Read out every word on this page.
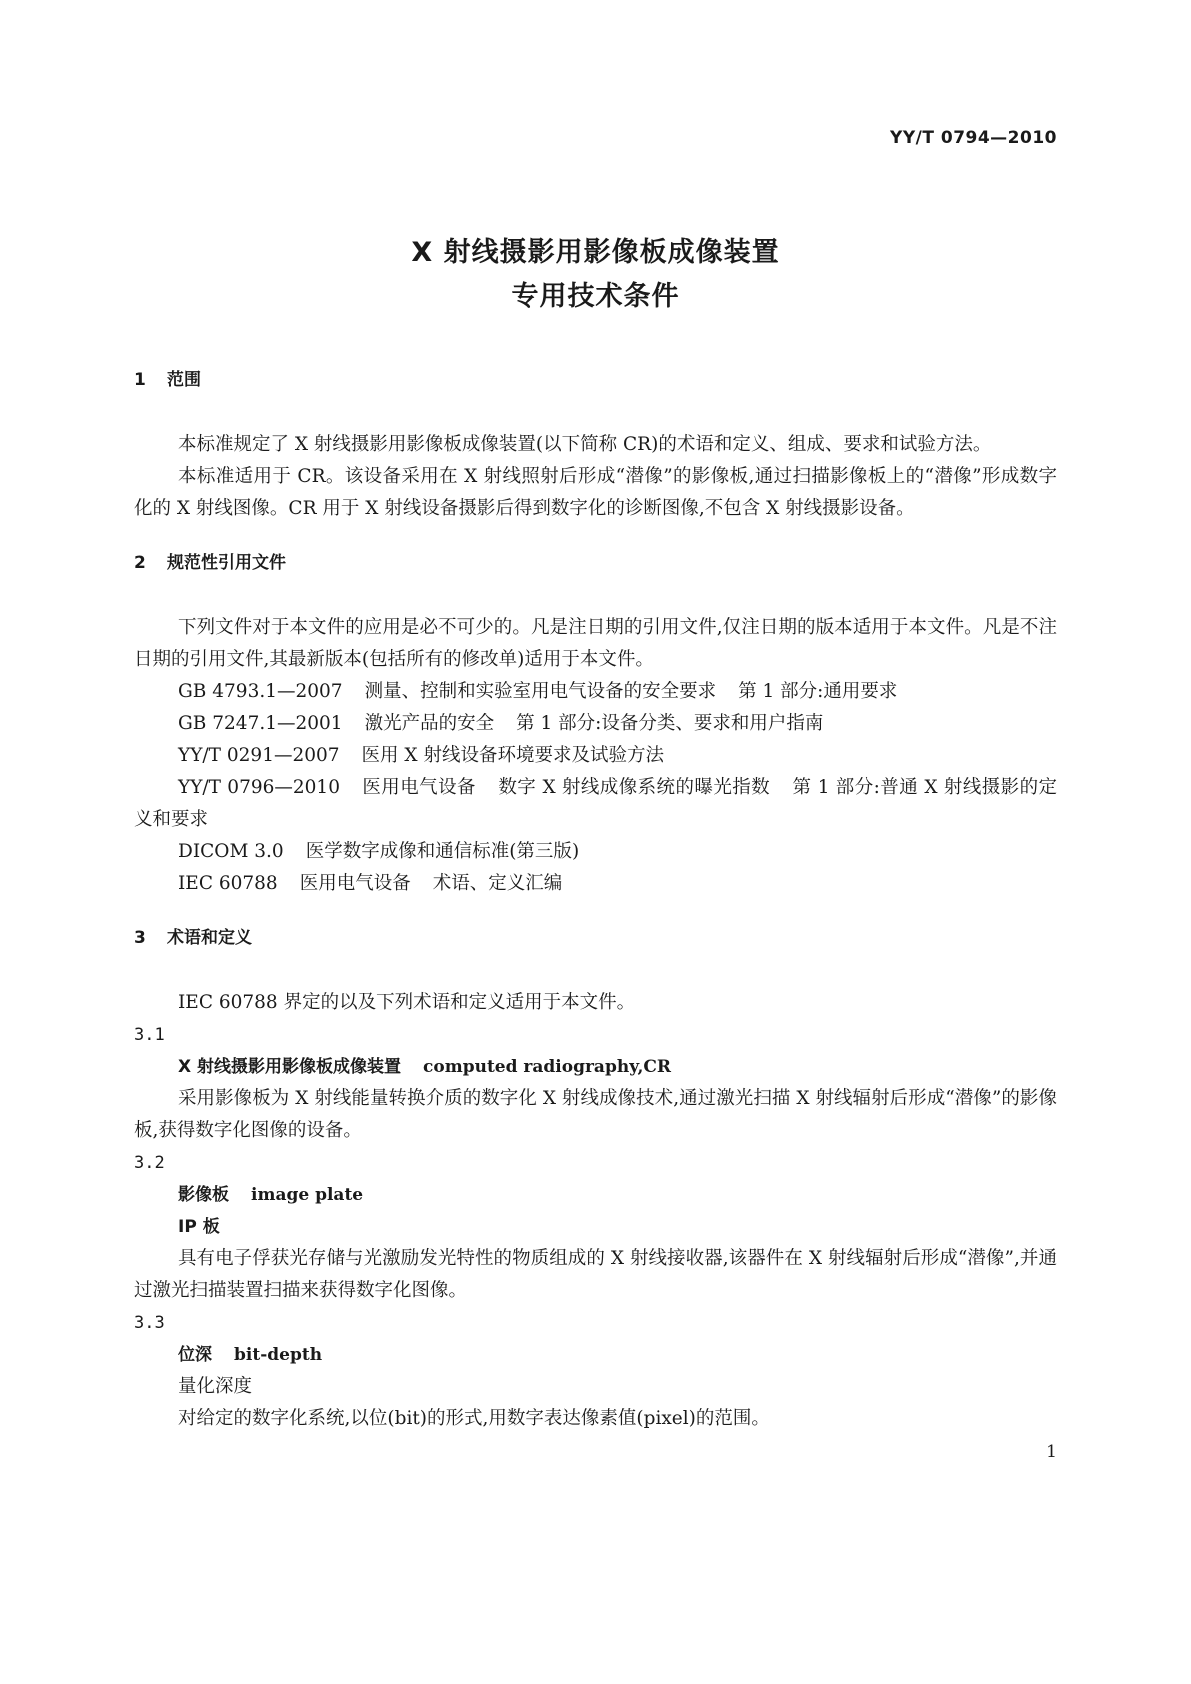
YY/T 0794—2010
X 射线摄影用影像板成像装置
专用技术条件
1 范围

本标准规定了 X 射线摄影用影像板成像装置(以下简称 CR)的术语和定义、组成、要求和试验方法。

本标准适用于 CR。该设备采用在 X 射线照射后形成“潜像”的影像板,通过扫描影像板上的“潜像”形成数字化的 X 射线图像。CR 用于 X 射线设备摄影后得到数字化的诊断图像,不包含 X 射线摄影设备。

2 规范性引用文件

下列文件对于本文件的应用是必不可少的。凡是注日期的引用文件,仅注日期的版本适用于本文件。凡是不注日期的引用文件,其最新版本(包括所有的修改单)适用于本文件。

GB 4793.1—2007 测量、控制和实验室用电气设备的安全要求 第 1 部分:通用要求

GB 7247.1—2001 激光产品的安全 第 1 部分:设备分类、要求和用户指南

YY/T 0291—2007 医用 X 射线设备环境要求及试验方法

YY/T 0796—2010 医用电气设备 数字 X 射线成像系统的曝光指数 第 1 部分:普通 X 射线摄影的定义和要求

DICOM 3.0 医学数字成像和通信标准(第三版)

IEC 60788 医用电气设备 术语、定义汇编

3 术语和定义

IEC 60788 界定的以及下列术语和定义适用于本文件。

3.1

X 射线摄影用影像板成像装置 computed radiography,CR

采用影像板为 X 射线能量转换介质的数字化 X 射线成像技术,通过激光扫描 X 射线辐射后形成“潜像”的影像板,获得数字化图像的设备。

3.2

影像板 image plate

IP 板

具有电子俘获光存储与光激励发光特性的物质组成的 X 射线接收器,该器件在 X 射线辐射后形成“潜像”,并通过激光扫描装置扫描来获得数字化图像。

3.3

位深 bit-depth

量化深度

对给定的数字化系统,以位(bit)的形式,用数字表达像素值(pixel)的范围。

1
